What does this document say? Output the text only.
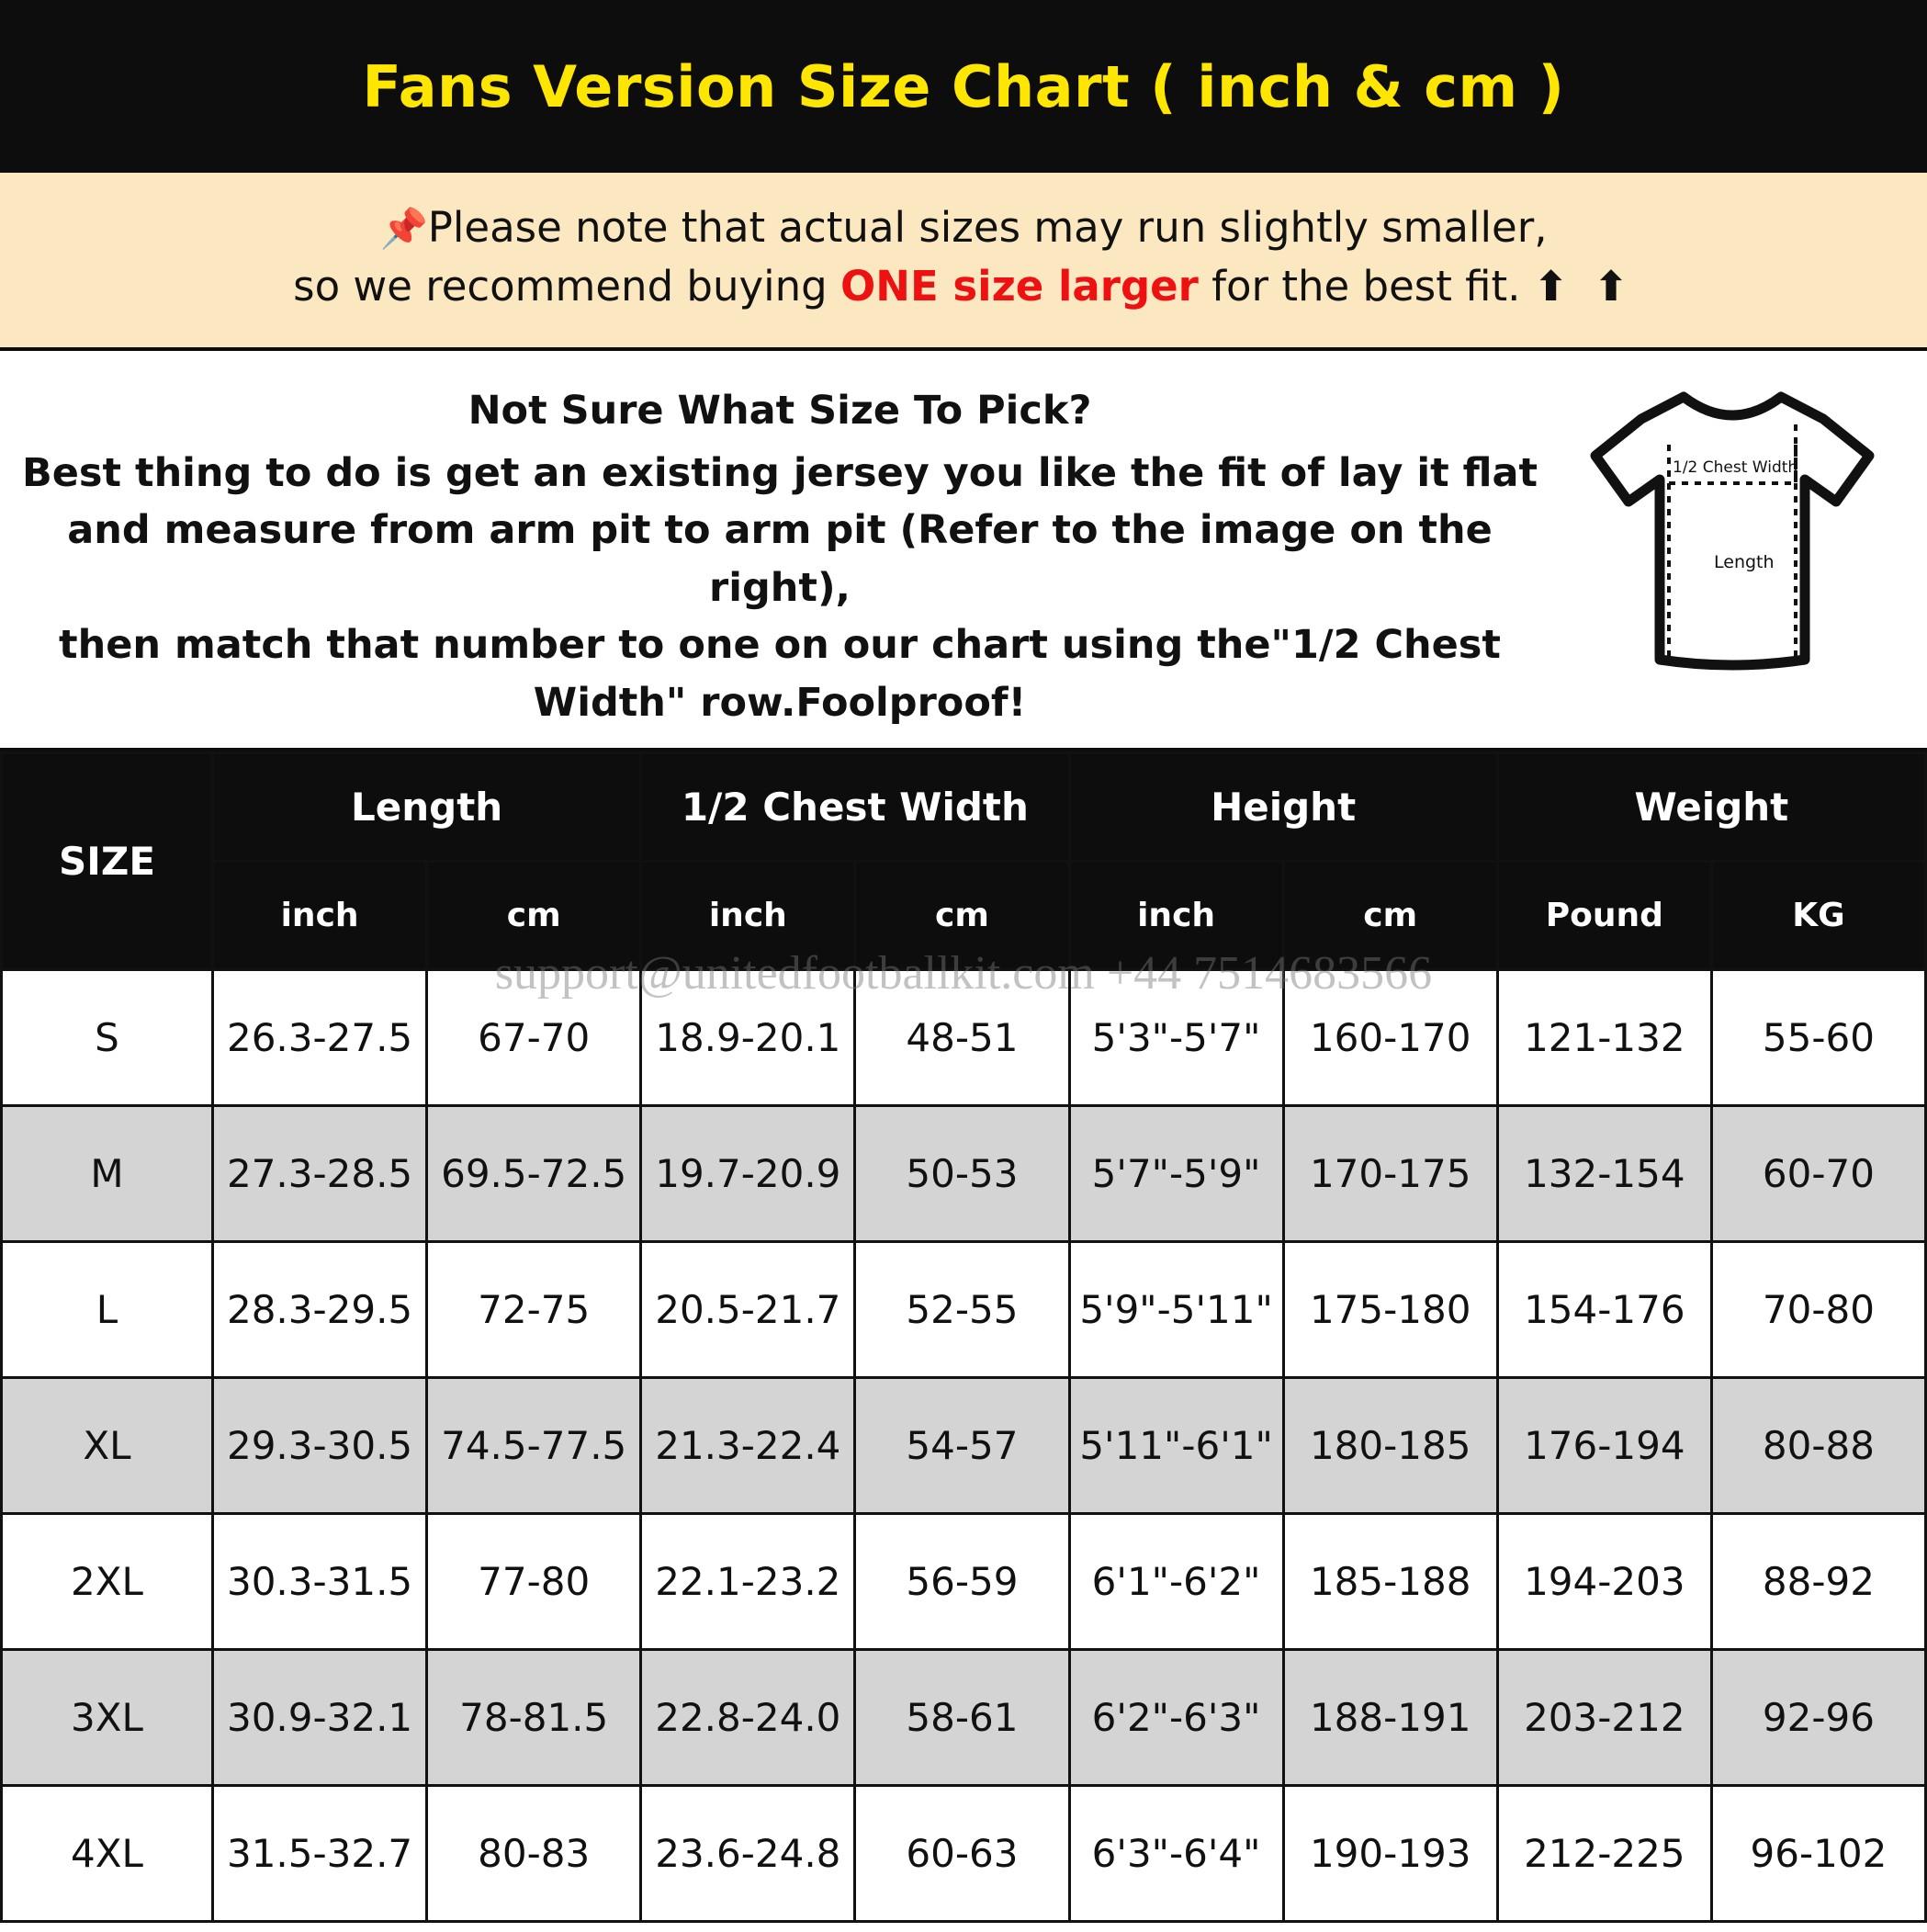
Fans Version Size Chart ( inch & cm )
📌Please note that actual sizes may run slightly smaller,
so we recommend buying ONE size larger for the best fit. ⬆ ⬆
Not Sure What Size To Pick?
Best thing to do is get an existing jersey you like the fit of lay it flat
and measure from arm pit to arm pit (Refer to the image on the right),
then match that number to one on our chart using the"1/2 Chest
Width" row.Foolproof!
1/2 Chest Width
Length
SIZE	Length		1/2 Chest Width		Height		Weight	
	inch	cm	inch	cm	inch	cm	Pound	KG
S	26.3-27.5	67-70	18.9-20.1	48-51	5'3"-5'7"	160-170	121-132	55-60
M	27.3-28.5	69.5-72.5	19.7-20.9	50-53	5'7"-5'9"	170-175	132-154	60-70
L	28.3-29.5	72-75	20.5-21.7	52-55	5'9"-5'11"	175-180	154-176	70-80
XL	29.3-30.5	74.5-77.5	21.3-22.4	54-57	5'11"-6'1"	180-185	176-194	80-88
2XL	30.3-31.5	77-80	22.1-23.2	56-59	6'1"-6'2"	185-188	194-203	88-92
3XL	30.9-32.1	78-81.5	22.8-24.0	58-61	6'2"-6'3"	188-191	203-212	92-96
4XL	31.5-32.7	80-83	23.6-24.8	60-63	6'3"-6'4"	190-193	212-225	96-102
support@unitedfootballkit.com +44 7514683566
